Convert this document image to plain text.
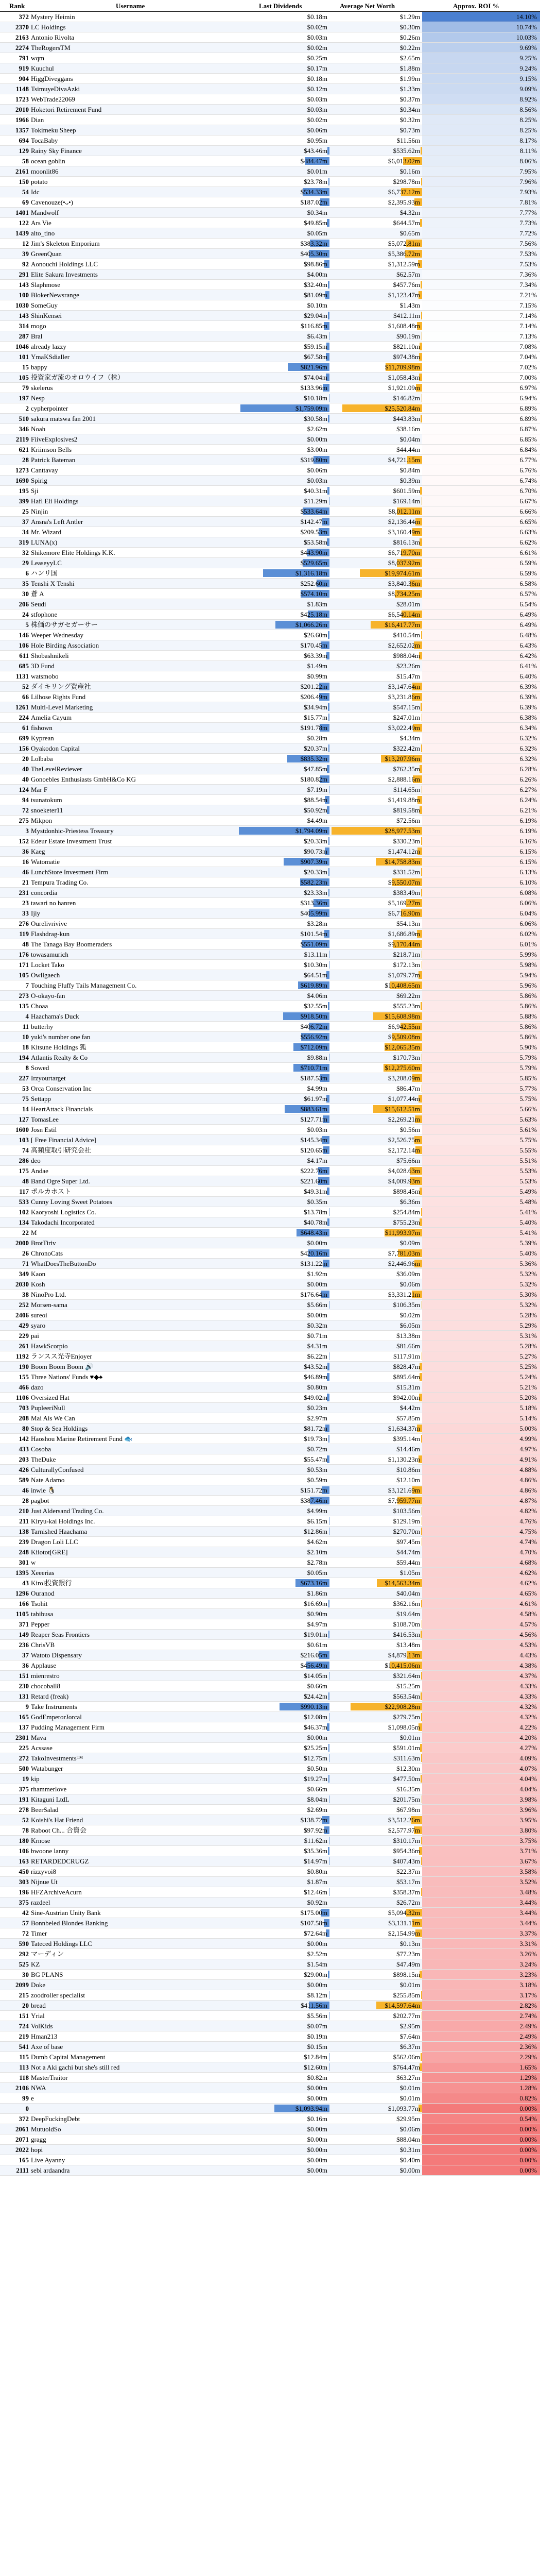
Rank	Username	Last Dividends	Average Net Worth	Approx. ROI %
372 Mystery Heimin	$0.18m	$1.29m	14.10%
2370 LC Holdings	$0.02m	$0.30m	10.74%
2163 Antonio Rivolta	$0.03m	$0.26m	10.03%
2274 TheRogersTM	$0.02m	$0.22m	9.69%
791 wqm	$0.25m	$2.65m	9.25%
919 Kuuchul	$0.17m	$1.88m	9.24%
904 HiggDiveggans	$0.18m	$1.99m	9.15%
1148 TsimuyeDivaAzki	$0.12m	$1.33m	9.09%
1723 WebTrade22069	$0.03m	$0.37m	8.92%
2010 Hoketori Retirement Fund	$0.03m	$0.34m	8.56%
1966 Dian	$0.02m	$0.32m	8.25%
1357 Tokimeku Sheep	$0.06m	$0.73m	8.25%
694 TocaBaby	$0.95m	$11.56m	8.17%
129 Rainy Sky Finance	$43.46m	$535.62m	8.11%
58 ocean goblin	$484.47m	$6,013.02m	8.06%
2161 moonlit86	$0.01m	$0.16m	7.95%
150 potato	$23.78m	$298.78m	7.96%
54 Idc	$534.33m	$6,737.12m	7.93%
69 Cavenouze(•ᴗ•)	$187.02m	$2,395.93m	7.81%
1401 Mandwolf	$0.34m	$4.32m	7.77%
122 Ars Vie	$49.85m	$644.57m	7.73%
1439 alto_tino	$0.05m	$0.65m	7.72%
12 Jim's Skeleton Emporium	$383.32m	$5,072.81m	7.56%
39 GreenQuan	$405.30m	$5,386.72m	7.53%
92 Aonouchi Holdings LLC	$98.86m	$1,312.59m	7.53%
291 Elite Sakura Investments	$4.00m	$62.57m	7.36%
143 Slaphmose	$32.40m	$457.76m	7.34%
100 BlokerNewsrange	$81.09m	$1,123.47m	7.21%
1030 SomeGuy	$0.10m	$1.43m	7.15%
143 ShinKensei	$29.04m	$412.11m	7.14%
314 mogo	$116.85m	$1,608.48m	7.14%
287 Bral	$6.43m	$90.19m	7.13%
1046 already lazzy	$59.15m	$821.10m	7.08%
101 YmaKSdialler	$67.58m	$974.38m	7.04%
15 bappy	$821.96m	$11,709.98m	7.02%
105 投資家ガ流のオロウイフ（株）	$74.04m	$1,058.43m	7.00%
79 skelerus	$133.96m	$1,921.09m	6.97%
197 Nesp	$10.18m	$146.82m	6.94%
2 cypherpointer	$1,759.09m	$25,520.84m	6.89%
510 sakura matswa fan 2001	$30.58m	$443.83m	6.89%
346 Noah	$2.62m	$38.16m	6.87%
2119 FiiveExplosives2	$0.00m	$0.04m	6.85%
621 Kriimson Bells	$3.00m	$44.44m	6.84%
28 Patrick Bateman	$319.80m	$4,721.15m	6.77%
1273 Canttavay	$0.06m	$0.84m	6.76%
1690 Spirig	$0.03m	$0.39m	6.74%
195 Sji	$40.31m	$601.59m	6.70%
399 Hafl Eli Holdings	$11.29m	$169.14m	6.67%
25 Ninjin	$533.64m	$8,012.11m	6.66%
37 Ansna's Left Antler	$142.47m	$2,136.44m	6.65%
34 Mr. Wizard	$209.53m	$3,160.49m	6.63%
319 LUNA(x)	$53.58m	$816.13m	6.62%
32 Shikemore Elite Holdings K.K.	$443.90m	$6,719.70m	6.61%
29 LeaseyyLC	$529.65m	$8,037.92m	6.59%
6 ハンリ国	$1,316.18m	$19,974.61m	6.59%
35 Tenshi X Tenshi	$252.60m	$3,840.36m	6.58%
30 蒼 A	$574.10m	$8,734.25m	6.57%
206 Seudi	$1.83m	$28.01m	6.54%
24 stfophone	$425.18m	$6,540.14m	6.49%
5 株価のサガセガーサー	$1,066.26m	$16,417.77m	6.49%
146 Weeper Wednesday	$26.60m	$410.54m	6.48%
106 Hole Birding Association	$170.45m	$2,652.02m	6.43%
611 Shobashnikeli	$63.39m	$988.04m	6.42%
685 3D Fund	$1.49m	$23.26m	6.41%
1131 watsmobo	$0.99m	$15.47m	6.40%
52 ダイキリング資産社	$201.22m	$3,147.64m	6.39%
66 Lilhose Rights Fund	$206.49m	$3,231.86m	6.39%
1261 Multi-Level Marketing	$34.94m	$547.15m	6.39%
224 Amelia Cayum	$15.77m	$247.01m	6.38%
61 fishown	$191.78m	$3,022.49m	6.34%
699 Kyprean	$0.28m	$4.34m	6.32%
156 Oyakodon Capital	$20.37m	$322.42m	6.32%
20 Lolbaba	$835.32m	$13,207.96m	6.32%
40 TheLevelReviewer	$47.85m	$762.35m	6.28%
40 Gonoebles Enthusiasts GmbH&Co KG	$180.82m	$2,888.16m	6.26%
124 Mar F	$7.19m	$114.65m	6.27%
94 tsunatokum	$88.54m	$1,419.88m	6.24%
72 snoeketer11	$50.92m	$819.58m	6.21%
275 Mikpon	$4.49m	$72.56m	6.19%
3 Mystdonhic-Priestess Treasury	$1,794.09m	$28,977.53m	6.19%
152 Edeur Estate Investment Trust	$20.33m	$330.23m	6.16%
36 Kaeg	$90.73m	$1,474.12m	6.15%
16 Watomatie	$907.39m	$14,758.83m	6.15%
46 LunchStore Investment Firm	$20.33m	$331.52m	6.13%
21 Tempura Trading Co.	$582.23m	$9,550.07m	6.10%
231 concordia	$23.33m	$383.49m	6.08%
23 tawari no hanren	$313.36m	$5,169.27m	6.06%
33 Ijiy	$405.99m	$6,716.90m	6.04%
276 Ourelivrivive	$3.28m	$54.13m	6.06%
119 Flashdrag-kun	$101.54m	$1,686.89m	6.02%
48 The Tanaga Bay Boomeraders	$551.09m	$9,170.44m	6.01%
176 towasamurich	$13.11m	$218.71m	5.99%
171 Locket Tako	$10.30m	$172.13m	5.98%
105 Owllgaech	$64.51m	$1,079.77m	5.94%
7 Touching Fluffy Tails Management Co.	$619.89m	$10,408.65m	5.96%
273 O-okayo-fan	$4.06m	$69.22m	5.86%
135 Choaa	$32.55m	$555.23m	5.86%
4 Haachama's Duck	$918.50m	$15,608.98m	5.88%
11 butterhy	$406.72m	$6,942.55m	5.86%
10 yuki's number one fan	$556.92m	$9,509.08m	5.86%
18 Kitsune Holdings 狐	$712.09m	$12,065.35m	5.90%
194 Atlantis Realty & Co	$9.88m	$170.73m	5.79%
8 Sowed	$710.71m	$12,275.60m	5.79%
227 Irzyourtarget	$187.53m	$3,208.09m	5.85%
53 Orca Conservation Inc	$4.99m	$86.47m	5.77%
75 Settapp	$61.97m	$1,077.44m	5.75%
14 HeartAttack Financials	$883.61m	$15,612.51m	5.66%
127 TomasLee	$127.71m	$2,269.21m	5.63%
1600 Josn Estil	$0.03m	$0.56m	5.61%
103 [ Free Financial Advice]	$145.34m	$2,526.75m	5.75%
74 高頻度取引研究会社	$120.65m	$2,172.14m	5.55%
286 deo	$4.17m	$75.66m	5.51%
175 Andae	$222.76m	$4,028.63m	5.53%
48 Band Ogre Super Ltd.	$221.60m	$4,009.93m	5.53%
117 ポルカホスト	$49.31m	$898.45m	5.49%
533 Cunny Loving Sweet Potatoes	$0.35m	$6.36m	5.48%
102 Kaoryoshi Logistics Co.	$13.78m	$254.84m	5.41%
134 Takodachi Incorporated	$40.78m	$755.23m	5.40%
22 M	$648.43m	$11,993.97m	5.41%
2000 BrotTiriv	$0.00m	$0.09m	5.39%
26 ChronoCats	$420.16m	$7,781.03m	5.40%
71 WhatDoesTheButtonDo	$131.22m	$2,446.96m	5.36%
349 Kaon	$1.92m	$36.09m	5.32%
2030 Kosh	$0.00m	$0.06m	5.32%
38 NinoPro Ltd.	$176.64m	$3,331.21m	5.30%
252 Morsen-sama	$5.66m	$106.35m	5.32%
2406 sureoi	$0.00m	$0.02m	5.28%
429 syaro	$0.32m	$6.05m	5.29%
229 pai	$0.71m	$13.38m	5.31%
261 HawkScorpio	$4.31m	$81.66m	5.28%
1192 ランスス光寺Enjoyer	$6.22m	$117.91m	5.27%
190 Boom Boom Boom 🔊	$43.52m	$828.47m	5.25%
155 Three Nations' Funds ♥◆♠	$46.89m	$895.64m	5.24%
466 dazo	$0.80m	$15.31m	5.21%
1106 Oversized Hat	$49.02m	$942.00m	5.20%
703 PupleeriNull	$0.23m	$4.42m	5.18%
208 Mai Ais We Can	$2.97m	$57.85m	5.14%
80 Stop & Sea Holdings	$81.72m	$1,634.37m	5.00%
142 Haoshou Marine Retirement Fund 🐟	$19.73m	$395.14m	4.99%
433 Cosoba	$0.72m	$14.46m	4.97%
203 TheDuke	$55.47m	$1,130.23m	4.91%
426 CulturallyConfused	$0.53m	$10.86m	4.88%
589 Nate Adamo	$0.59m	$12.10m	4.86%
46 inwie 🐧	$151.72m	$3,121.69m	4.86%
28 pagbot	$387.46m	$7,959.77m	4.87%
210 Just Aldersand Trading Co.	$4.99m	$103.56m	4.82%
211 Kiryu-kai Holdings Inc.	$6.15m	$129.19m	4.76%
138 Tarnished Haachama	$12.86m	$270.70m	4.75%
239 Dragon Loli LLC	$4.62m	$97.45m	4.74%
248 Kiiotot[GRE]	$2.10m	$44.74m	4.70%
301 w	$2.78m	$59.44m	4.68%
1395 Xeeerias	$0.05m	$1.05m	4.62%
43 Kirol投資銀行	$673.16m	$14,563.34m	4.62%
1296 Ouranod	$1.86m	$40.04m	4.65%
166 Tsohit	$16.69m	$362.16m	4.61%
1105 tabibusa	$0.90m	$19.64m	4.58%
371 Pepper	$4.97m	$108.70m	4.57%
149 Reaper Seas Frontiers	$19.01m	$416.53m	4.56%
236 ChrisVB	$0.61m	$13.48m	4.53%
37 Watoto Dispensary	$216.05m	$4,879.13m	4.43%
36 Applause	$456.49m	$10,415.06m	4.38%
151 mienrestro	$14.05m	$321.64m	4.37%
230 chocoball8	$0.66m	$15.25m	4.33%
131 Retard (freak)	$24.42m	$563.54m	4.33%
9 Take Instruments	$990.13m	$22,908.28m	4.32%
165 GodEmperorJorcal	$12.08m	$279.75m	4.32%
137 Pudding Management Firm	$46.37m	$1,098.05m	4.22%
2301 Mava	$0.00m	$0.01m	4.20%
225 Acssase	$25.25m	$591.01m	4.27%
272 TakoInvestments™	$12.75m	$311.63m	4.09%
500 Watabunger	$0.50m	$12.30m	4.07%
19 kip	$19.27m	$477.50m	4.04%
375 rhammerlove	$0.66m	$16.35m	4.04%
191 Kitaguni LtdL	$8.04m	$201.75m	3.98%
278 BeerSalad	$2.69m	$67.98m	3.96%
52 Koishi's Hat Friend	$138.72m	$3,512.26m	3.95%
78 Raboot Ch... 合資会	$97.92m	$2,577.97m	3.80%
180 Krnose	$11.62m	$310.17m	3.75%
106 bwoone lanny	$35.36m	$954.36m	3.71%
163 RETARDEDCRUGZ	$14.97m	$407.43m	3.67%
450 rizzyvoi8	$0.80m	$22.37m	3.58%
303 Nijnue Ut	$1.87m	$53.17m	3.52%
196 HFZArchiveAcurn	$12.46m	$358.37m	3.48%
375 razdeel	$0.92m	$26.72m	3.44%
42 Sine-Austrian Unity Bank	$175.00m	$5,094.32m	3.44%
57 Bonnbeled Blondes Banking	$107.58m	$3,131.11m	3.44%
72 Timer	$72.64m	$2,154.99m	3.37%
590 Tateced Holdings LLC	$0.00m	$0.13m	3.31%
292 マーディン	$2.52m	$77.23m	3.26%
525 KZ	$1.54m	$47.49m	3.24%
30 BG PLANS	$29.00m	$898.15m	3.23%
2099 Doke	$0.00m	$0.01m	3.18%
215 zoodroller specialist	$8.12m	$255.85m	3.17%
20 bread	$411.56m	$14,597.64m	2.82%
151 Yrial	$5.56m	$202.77m	2.74%
724 VolKids	$0.07m	$2.95m	2.49%
219 Hman213	$0.19m	$7.64m	2.49%
541 Axe of base	$0.15m	$6.37m	2.36%
115 Dumb Capital Management	$12.84m	$562.06m	2.29%
113 Not a Aki gachi but she's still red	$12.60m	$764.47m	1.65%
118 MasterTraitor	$0.82m	$63.27m	1.29%
2106 NWA	$0.00m	$0.01m	1.28%
99 e	$0.00m	$0.01m	0.82%
0	$1,093.94m	$1,093.77m	0.00%
372 DeepFuckingDebt	$0.16m	$29.95m	0.54%
2061 MutuoldSo	$0.00m	$0.06m	0.00%
2071 gragg	$0.00m	$88.04m	0.00%
2022 hopi	$0.00m	$0.31m	0.00%
165 Live Ayanny	$0.00m	$0.40m	0.00%
2111 sebi ardaandra	$0.00m	$0.00m	0.00%
